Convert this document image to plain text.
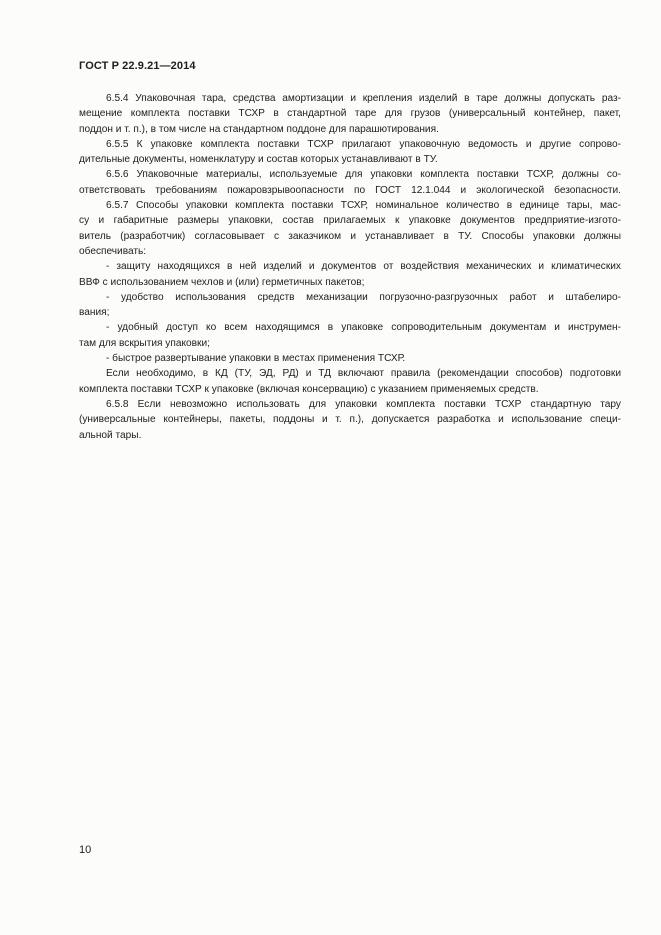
ГОСТ Р 22.9.21—2014
6.5.4 Упаковочная тара, средства амортизации и крепления изделий в таре должны допускать раз-
мещение комплекта поставки ТСХР в стандартной таре для грузов (универсальный контейнер, пакет,
поддон и т. п.), в том числе на стандартном поддоне для парашютирования.
6.5.5 К упаковке комплекта поставки ТСХР прилагают упаковочную ведомость и другие сопрово-
дительные документы, номенклатуру и состав которых устанавливают в ТУ.
6.5.6 Упаковочные материалы, используемые для упаковки комплекта поставки ТСХР, должны со-
ответствовать требованиям пожаровзрывоопасности по ГОСТ 12.1.044 и экологической безопасности.
6.5.7 Способы упаковки комплекта поставки ТСХР, номинальное количество в единице тары, мас-
су и габаритные размеры упаковки, состав прилагаемых к упаковке документов предприятие-изгото-
витель (разработчик) согласовывает с заказчиком и устанавливает в ТУ. Способы упаковки должны
обеспечивать:
- защиту находящихся в ней изделий и документов от воздействия механических и климатических
ВВФ с использованием чехлов и (или) герметичных пакетов;
- удобство использования средств механизации погрузочно-разгрузочных работ и штабелиро-
вания;
- удобный доступ ко всем находящимся в упаковке сопроводительным документам и инструмен-
там для вскрытия упаковки;
- быстрое развертывание упаковки в местах применения ТСХР.
Если необходимо, в КД (ТУ, ЭД, РД) и ТД включают правила (рекомендации способов) подготовки
комплекта поставки ТСХР к упаковке (включая консервацию) с указанием применяемых средств.
6.5.8 Если невозможно использовать для упаковки комплекта поставки ТСХР стандартную тару
(универсальные контейнеры, пакеты, поддоны и т. п.), допускается разработка и использование специ-
альной тары.
10
